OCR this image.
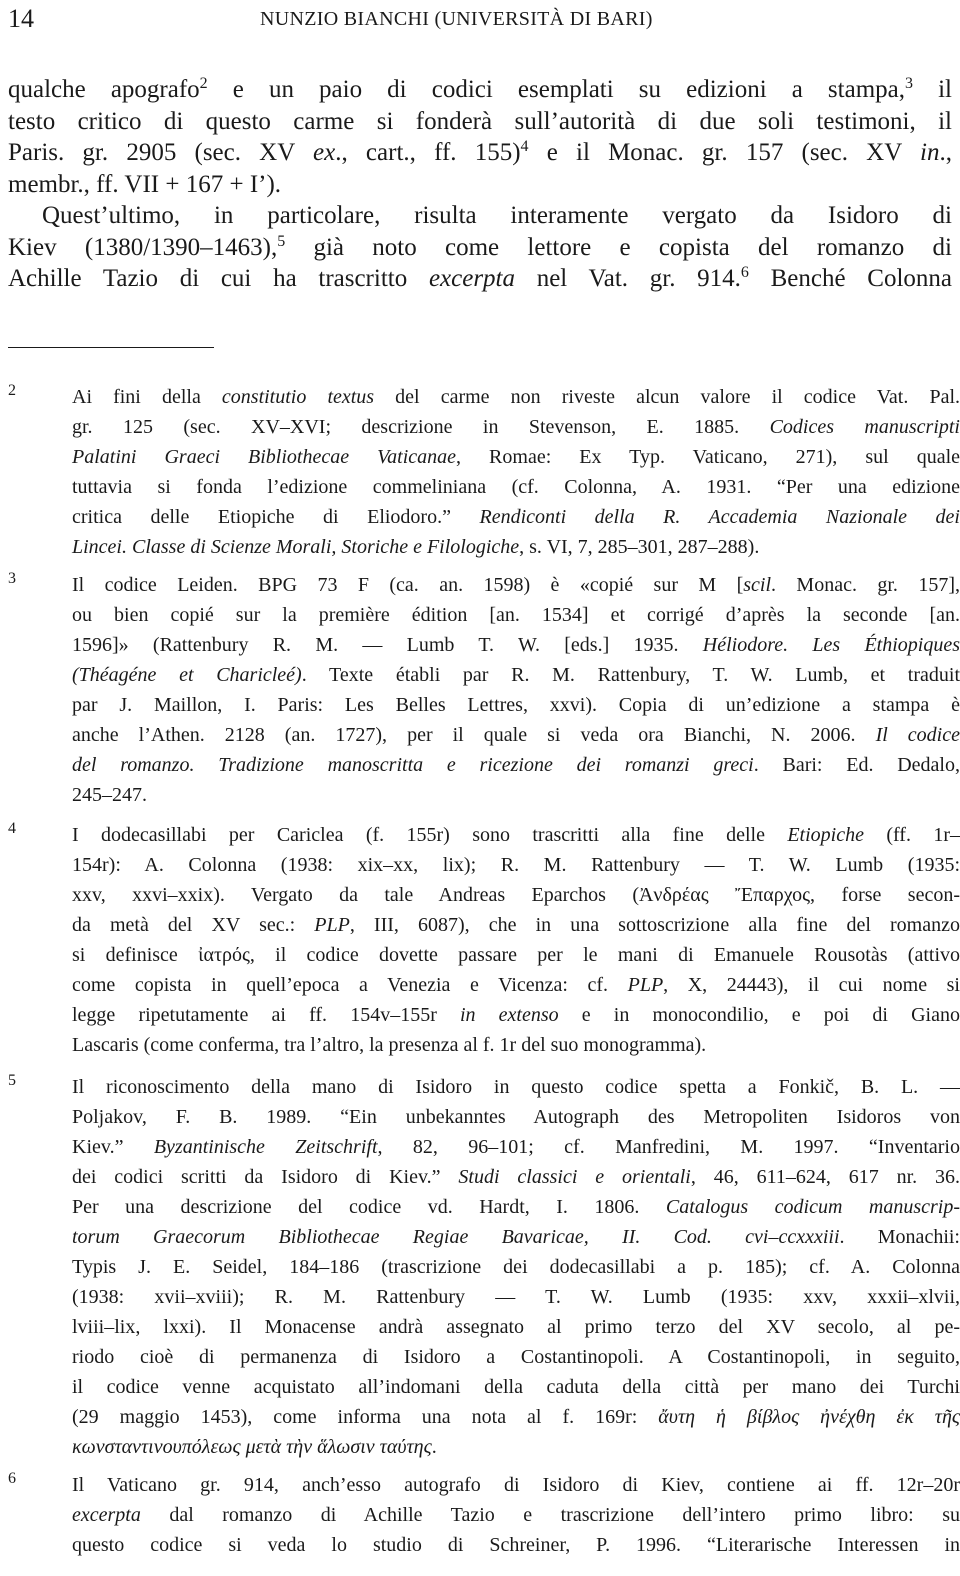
14	NUNZIO BIANCHI (UNIVERSITÀ DI BARI)
qualche apografo$^2$ e un paio di codici esemplati su edizioni a stampa,$^3$ il
testo critico di questo carme si fonderà sull’autorità di due soli testimoni, il
Paris. gr. 2905 (sec. XV ex., cart., ff. 155)$^4$ e il Monac. gr. 157 (sec. XV in.,
membr., ff. VII + 167 + I’).
Quest’ultimo, in particolare, risulta interamente vergato da Isidoro di
Kiev (1380/1390–1463),$^5$ già noto come lettore e copista del romanzo di
Achille Tazio di cui ha trascritto excerpta nel Vat. gr. 914.$^6$ Benché Colonna
2	Ai fini della constitutio textus del carme non riveste alcun valore il codice Vat. Pal.
gr. 125 (sec. XV–XVI; descrizione in Stevenson, E. 1885. Codices manuscripti
Palatini Graeci Bibliothecae Vaticanae, Romae: Ex Typ. Vaticano, 271), sul quale
tuttavia si fonda l’edizione commeliniana (cf. Colonna, A. 1931. “Per una edizione
critica delle Etiopiche di Eliodoro.” Rendiconti della R. Accademia Nazionale dei
Lincei. Classe di Scienze Morali, Storiche e Filologiche, s. VI, 7, 285–301, 287–288).
3	Il codice Leiden. BPG 73 F (ca. an. 1598) è «copié sur M [scil. Monac. gr. 157],
ou bien copié sur la première édition [an. 1534] et corrigé d’après la seconde [an.
1596]» (Rattenbury R. M. — Lumb T. W. [eds.] 1935. Héliodore. Les Éthiopiques
(Théagéne et Charicleé). Texte établi par R. M. Rattenbury, T. W. Lumb, et traduit
par J. Maillon, I. Paris: Les Belles Lettres, xxvi). Copia di un’edizione a stampa è
anche l’Athen. 2128 (an. 1727), per il quale si veda ora Bianchi, N. 2006. Il codice
del romanzo. Tradizione manoscritta e ricezione dei romanzi greci. Bari: Ed. Dedalo,
245–247.
4	I dodecasillabi per Cariclea (f. 155r) sono trascritti alla fine delle Etiopiche (ff. 1r–
154r): A. Colonna (1938: xix–xx, lix); R. M. Rattenbury — T. W. Lumb (1935:
xxv, xxvi–xxix). Vergato da tale Andreas Eparchos (Ἀνδρέας Ἔπαρχος, forse secon-
da metà del XV sec.: PLP, III, 6087), che in una sottoscrizione alla fine del romanzo
si definisce ἰατρός, il codice dovette passare per le mani di Emanuele Rousotàs (attivo
come copista in quell’epoca a Venezia e Vicenza: cf. PLP, X, 24443), il cui nome si
legge ripetutamente ai ff. 154v–155r in extenso e in monocondilio, e poi di Giano
Lascaris (come conferma, tra l’altro, la presenza al f. 1r del suo monogramma).
5	Il riconoscimento della mano di Isidoro in questo codice spetta a Fonkič, B. L. —
Poljakov, F. B. 1989. “Ein unbekanntes Autograph des Metropoliten Isidoros von
Kiev.” Byzantinische Zeitschrift, 82, 96–101; cf. Manfredini, M. 1997. “Inventario
dei codici scritti da Isidoro di Kiev.” Studi classici e orientali, 46, 611–624, 617 nr. 36.
Per una descrizione del codice vd. Hardt, I. 1806. Catalogus codicum manuscrip-
torum Graecorum Bibliothecae Regiae Bavaricae, II. Cod. cvi–ccxxxiii. Monachii:
Typis J. E. Seidel, 184–186 (trascrizione dei dodecasillabi a p. 185); cf. A. Colonna
(1938: xvii–xviii); R. M. Rattenbury — T. W. Lumb (1935: xxv, xxxii–xlvii,
lviii–lix, lxxi). Il Monacense andrà assegnato al primo terzo del XV secolo, al pe-
riodo cioè di permanenza di Isidoro a Costantinopoli. A Costantinopoli, in seguito,
il codice venne acquistato all’indomani della caduta della città per mano dei Turchi
(29 maggio 1453), come informa una nota al f. 169r: ἄυτη ἡ βίβλος ἠνέχθη ἐκ τῆς
κωνσταντινουπόλεως μετὰ τὴν ἅλωσιν ταύτης.
6	Il Vaticano gr. 914, anch’esso autografo di Isidoro di Kiev, contiene ai ff. 12r–20r
excerpta dal romanzo di Achille Tazio e trascrizione dell’intero primo libro: su
questo codice si veda lo studio di Schreiner, P. 1996. “Literarische Interessen in
